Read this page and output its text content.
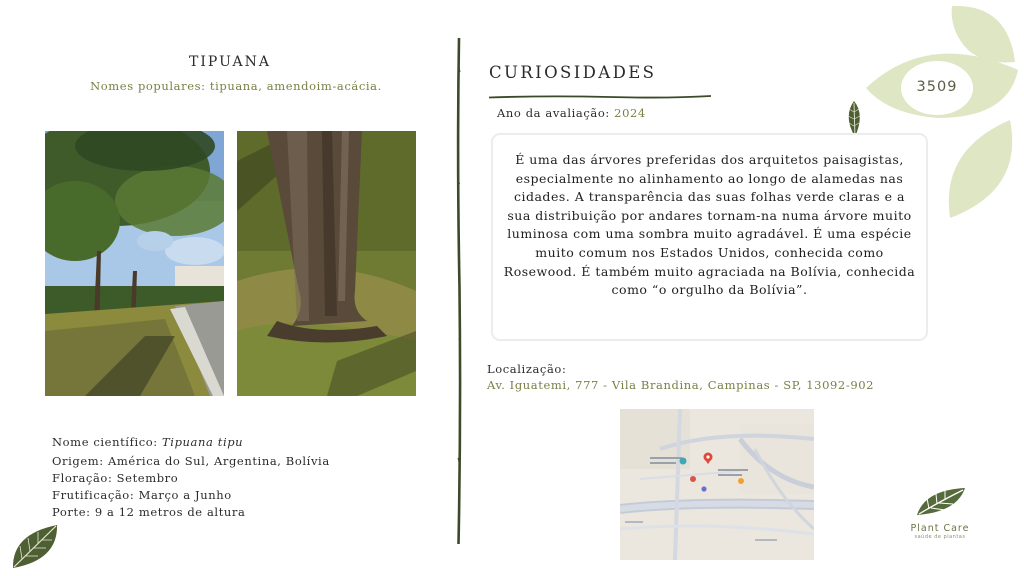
TIPUANA
Nomes populares: tipuana, amendoim-acácia.
Nome científico: Tipuana tipu
Origem: América do Sul, Argentina, Bolívia
Floração: Setembro
Frutificação: Março a Junho
Porte: 9 a 12 metros de altura
CURIOSIDADES
Ano da avaliação: 2024
É uma das árvores preferidas dos arquitetos paisagistas, especialmente no alinhamento ao longo de alamedas nas cidades. A transparência das suas folhas verde claras e a sua distribuição por andares tornam-na numa árvore muito luminosa com uma sombra muito agradável. É uma espécie muito comum nos Estados Unidos, conhecida como Rosewood. É também muito agraciada na Bolívia, conhecida como “o orgulho da Bolívia”.
Localização:
Av. Iguatemi, 777 - Vila Brandina, Campinas - SP, 13092-902
3509
Plant Care
saúde de plantas
